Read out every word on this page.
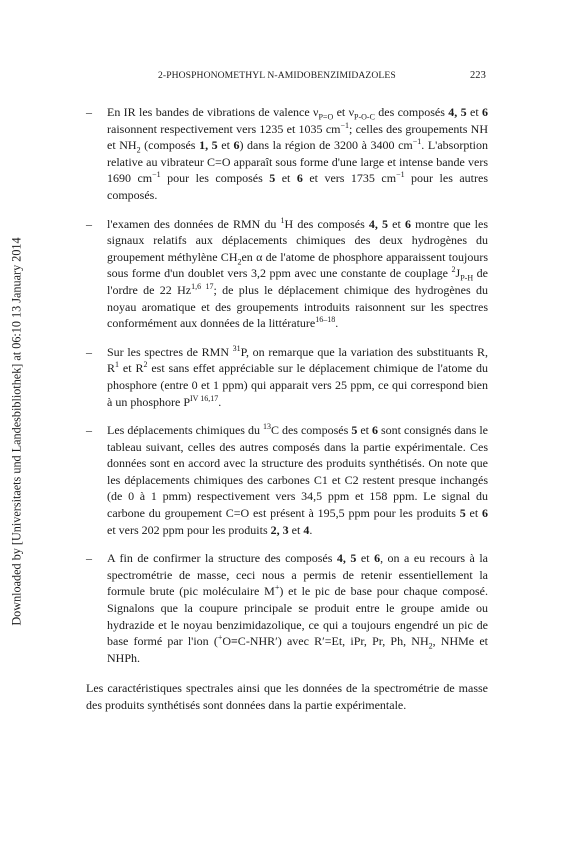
Downloaded by [Universitaets und Landesbibliothek] at 06:10 13 January 2014
2-PHOSPHONOMETHYL N-AMIDOBENZIMIDAZOLES	223
– En IR les bandes de vibrations de valence $\nu_{P=O}$ et $\nu_{P-O-C}$ des composés 4, 5 et 6 raisonnent respectivement vers 1235 et 1035 $cm^{-1}$; celles des groupements NH et $NH_2$ (composés 1, 5 et 6) dans la région de 3200 à 3400 $cm^{-1}$. L'absorption relative au vibrateur C=O apparaît sous forme d'une large et intense bande vers 1690 $cm^{-1}$ pour les composés 5 et 6 et vers 1735 $cm^{-1}$ pour les autres composés.
– l'examen des données de RMN du $^1$H des composés 4, 5 et 6 montre que les signaux relatifs aux déplacements chimiques des deux hydrogènes du groupement méthylène $CH_2en$ α de l'atome de phosphore apparaissent toujours sous forme d'un doublet vers 3,2 ppm avec une constante de couplage $^2J_{P-H}$ de l'ordre de 22 $Hz^{1,6 17}$; de plus le déplacement chimique des hydrogènes du noyau aromatique et des groupements introduits raisonnent sur les spectres conformément aux données de la littérature$^{16-18}$.
– Sur les spectres de RMN $^{31}$P, on remarque que la variation des substituants R, $R^1$ et $R^2$ est sans effet appréciable sur le déplacement chimique de l'atome du phosphore (entre 0 et 1 ppm) qui apparait vers 25 ppm, ce qui correspond bien à un phosphore $P^{IV 16,17}$.
– Les déplacements chimiques du $^{13}$C des composés 5 et 6 sont consignés dans le tableau suivant, celles des autres composés dans la partie expérimentale. Ces données sont en accord avec la structure des produits synthétisés. On note que les déplacements chimiques des carbones C1 et C2 restent presque inchangés (de 0 à 1 pmm) respectivement vers 34,5 ppm et 158 ppm. Le signal du carbone du groupement C=O est présent à 195,5 ppm pour les produits 5 et 6 et vers 202 ppm pour les produits 2, 3 et 4.
– A fin de confirmer la structure des composés 4, 5 et 6, on a eu recours à la spectrométrie de masse, ceci nous a permis de retenir essentiellement la formule brute (pic moléculaire M+) et le pic de base pour chaque composé. Signalons que la coupure principale se produit entre le groupe amide ou hydrazide et le noyau benzimidazolique, ce qui a toujours engendré un pic de base formé par l'ion (+O≡C-NHR′) avec R′=Et, iPr, Pr, Ph, $NH_2$, NHMe et NHPh.

Les caractéristiques spectrales ainsi que les données de la spectrométrie de masse des produits synthétisés sont données dans la partie expérimentale.
